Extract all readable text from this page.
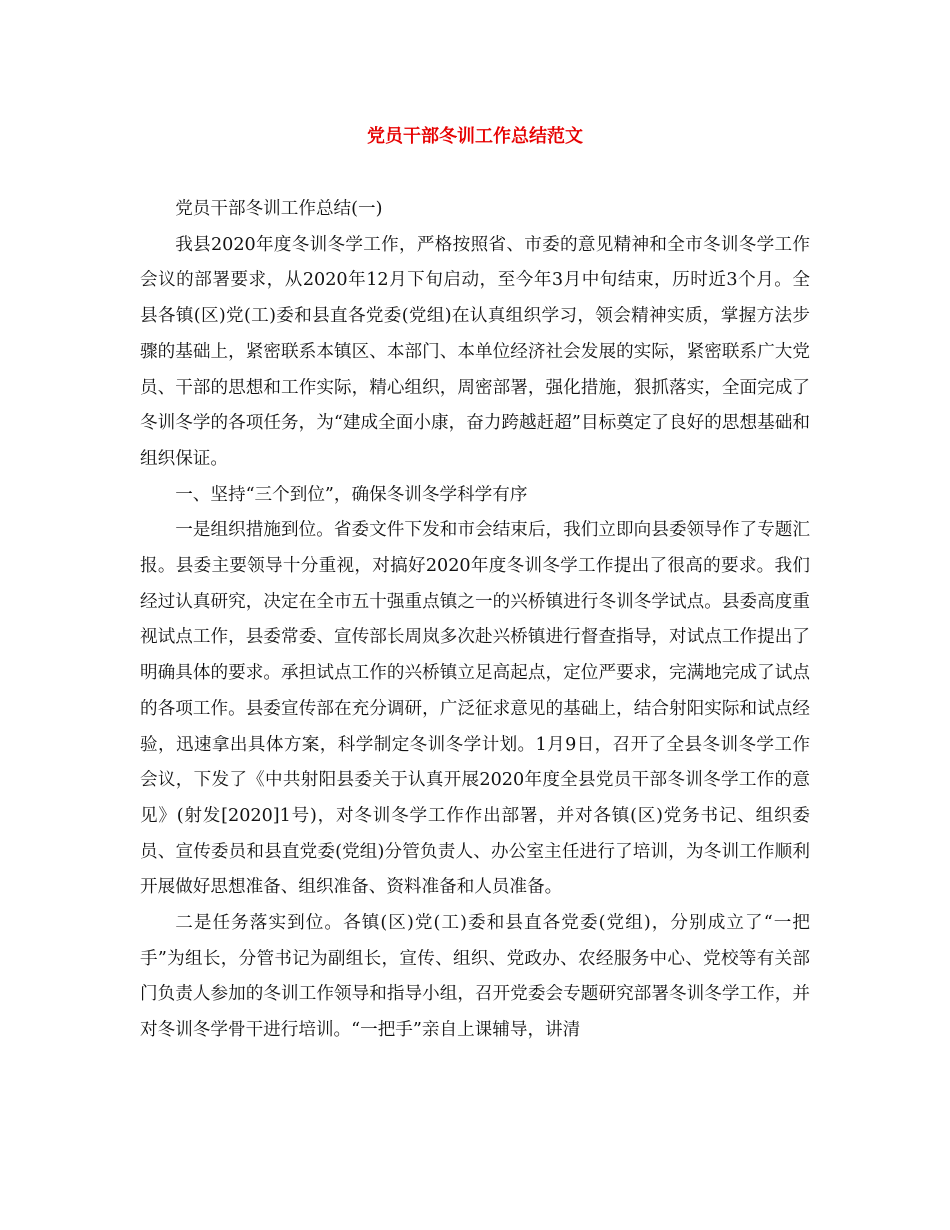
党员干部冬训工作总结范文

党员干部冬训工作总结(一)

我县2020年度冬训冬学工作，严格按照省、市委的意见精神和全市冬训冬学工作会议的部署要求，从2020年12月下旬启动，至今年3月中旬结束，历时近3个月。全县各镇(区)党(工)委和县直各党委(党组)在认真组织学习，领会精神实质，掌握方法步骤的基础上，紧密联系本镇区、本部门、本单位经济社会发展的实际，紧密联系广大党员、干部的思想和工作实际，精心组织，周密部署，强化措施，狠抓落实，全面完成了冬训冬学的各项任务，为“建成全面小康，奋力跨越赶超”目标奠定了良好的思想基础和组织保证。

一、坚持“三个到位”，确保冬训冬学科学有序

一是组织措施到位。省委文件下发和市会结束后，我们立即向县委领导作了专题汇报。县委主要领导十分重视，对搞好2020年度冬训冬学工作提出了很高的要求。我们经过认真研究，决定在全市五十强重点镇之一的兴桥镇进行冬训冬学试点。县委高度重视试点工作，县委常委、宣传部长周岚多次赴兴桥镇进行督查指导，对试点工作提出了明确具体的要求。承担试点工作的兴桥镇立足高起点，定位严要求，完满地完成了试点的各项工作。县委宣传部在充分调研，广泛征求意见的基础上，结合射阳实际和试点经验，迅速拿出具体方案，科学制定冬训冬学计划。1月9日，召开了全县冬训冬学工作会议，下发了《中共射阳县委关于认真开展2020年度全县党员干部冬训冬学工作的意见》(射发[2020]1号)，对冬训冬学工作作出部署，并对各镇(区)党务书记、组织委员、宣传委员和县直党委(党组)分管负责人、办公室主任进行了培训，为冬训工作顺利开展做好思想准备、组织准备、资料准备和人员准备。

二是任务落实到位。各镇(区)党(工)委和县直各党委(党组)，分别成立了“一把手”为组长，分管书记为副组长，宣传、组织、党政办、农经服务中心、党校等有关部门负责人参加的冬训工作领导和指导小组，召开党委会专题研究部署冬训冬学工作，并对冬训冬学骨干进行培训。“一把手”亲自上课辅导，讲清
